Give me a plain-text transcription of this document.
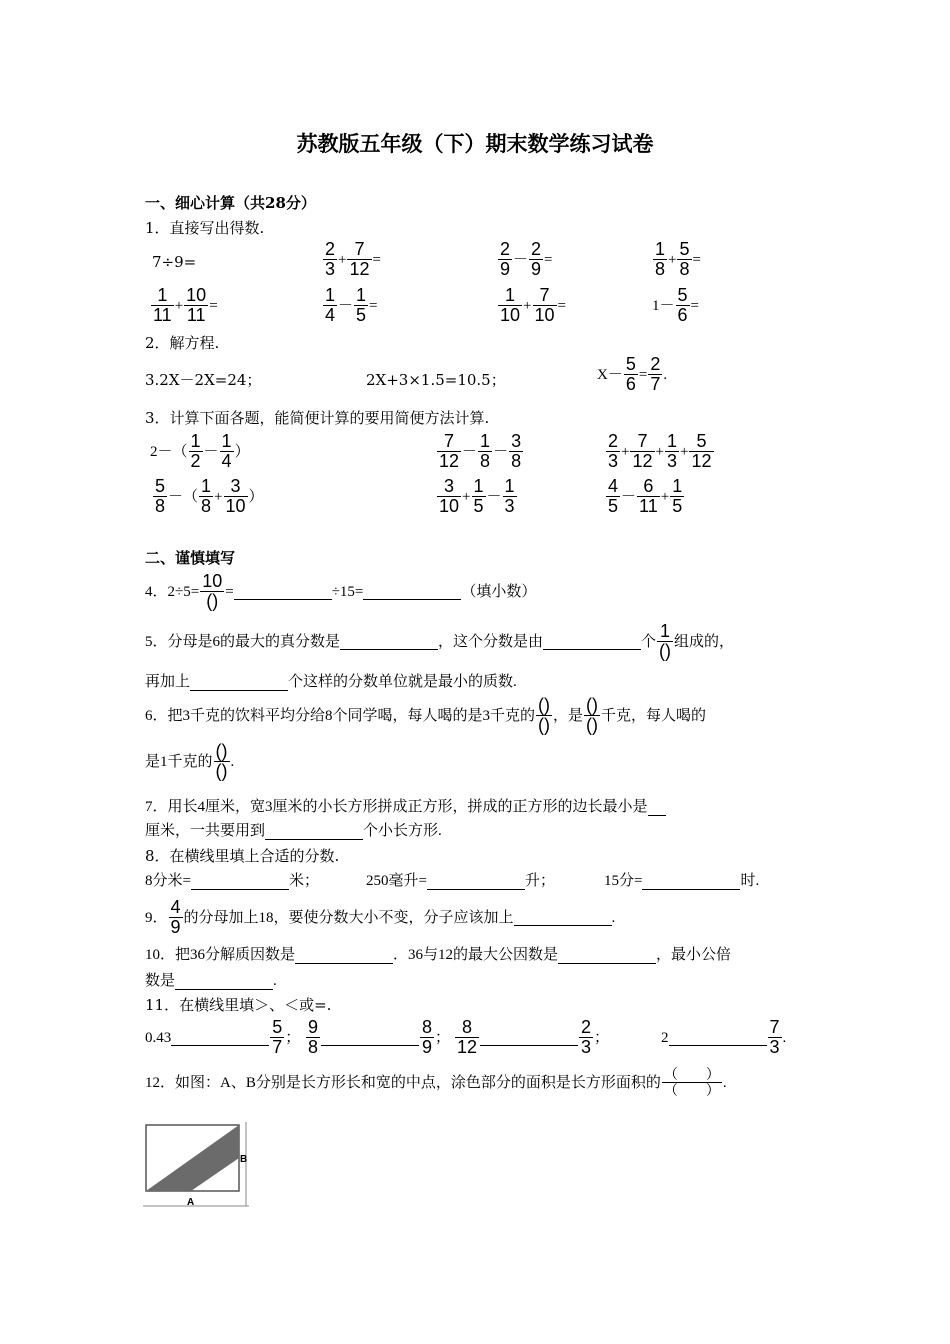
苏教版五年级（下）期末数学练习试卷
一、细心计算（共28分）
1．直接写出得数.
7÷9=	$\frac{2}{3} + \frac{7}{12}$ =	$\frac{2}{9} - \frac{2}{9}$ =	$\frac{1}{8} + \frac{5}{8}$ =
$\frac{1}{11} + \frac{10}{11}$ =	$\frac{1}{4} - \frac{1}{5}$ =	$\frac{1}{10} + \frac{7}{10}$ =	$1- \frac{5}{6}$ =
2．解方程.
3.2X－2X=24；	2X+3×1.5=10.5；	$X- \frac{5}{6} = \frac{2}{7}$ .
3．计算下面各题，能简便计算的要用简便方法计算.
$2-( \frac{1}{2} - \frac{1}{4}$ ）	$\frac{7}{12} - \frac{1}{8} - \frac{3}{8}$	$\frac{2}{3} + \frac{7}{12} + \frac{1}{3} + \frac{5}{12}$
$\frac{5}{8}$ －（ $\frac{1}{8} + \frac{3}{10}$ ）	$\frac{3}{10} + \frac{1}{5} - \frac{1}{3}$	$\frac{4}{5} - \frac{6}{11} + \frac{1}{5}$
二、谨慎填写
4．$2\div 5= \frac{10}{()}$ =	÷15=	（填小数）
5．分母是6的最大的真分数是	，这个分数是由	个 $\frac{1}{()}$ 组成的，
再加上	个这样的分数单位就是最小的质数.
6．把3千克的饮料平均分给8个同学喝，每人喝的是3千克的 $\frac{()}{()}$ ，是 $\frac{()}{()}$ 千克，每人喝的
是1千克的 $\frac{()}{()}$ .
7．用长4厘米，宽3厘米的小长方形拼成正方形，拼成的正方形的边长最小是
厘米，一共要用到	个小长方形.
8．在横线里填上合适的分数.
8分米=	米；	250毫升=	升；	15分=	时.
9． $\frac{4}{9}$ 的分母加上18，要使分数大小不变，分子应该加上	.
10．把36分解质因数是	．36与12的最大公因数是	，最小公倍
数是	.
11．在横线里填＞、＜或=.
0.43	$\frac{5}{7}$ ； $\frac{9}{8}$	$\frac{8}{9}$ ； $\frac{8}{12}$	$\frac{2}{3}$ ；	2	$\frac{7}{3}$ .
12．如图：A、B分别是长方形长和宽的中点，涂色部分的面积是长方形面积的 $\frac{( )}{( )}$ .
A
B
